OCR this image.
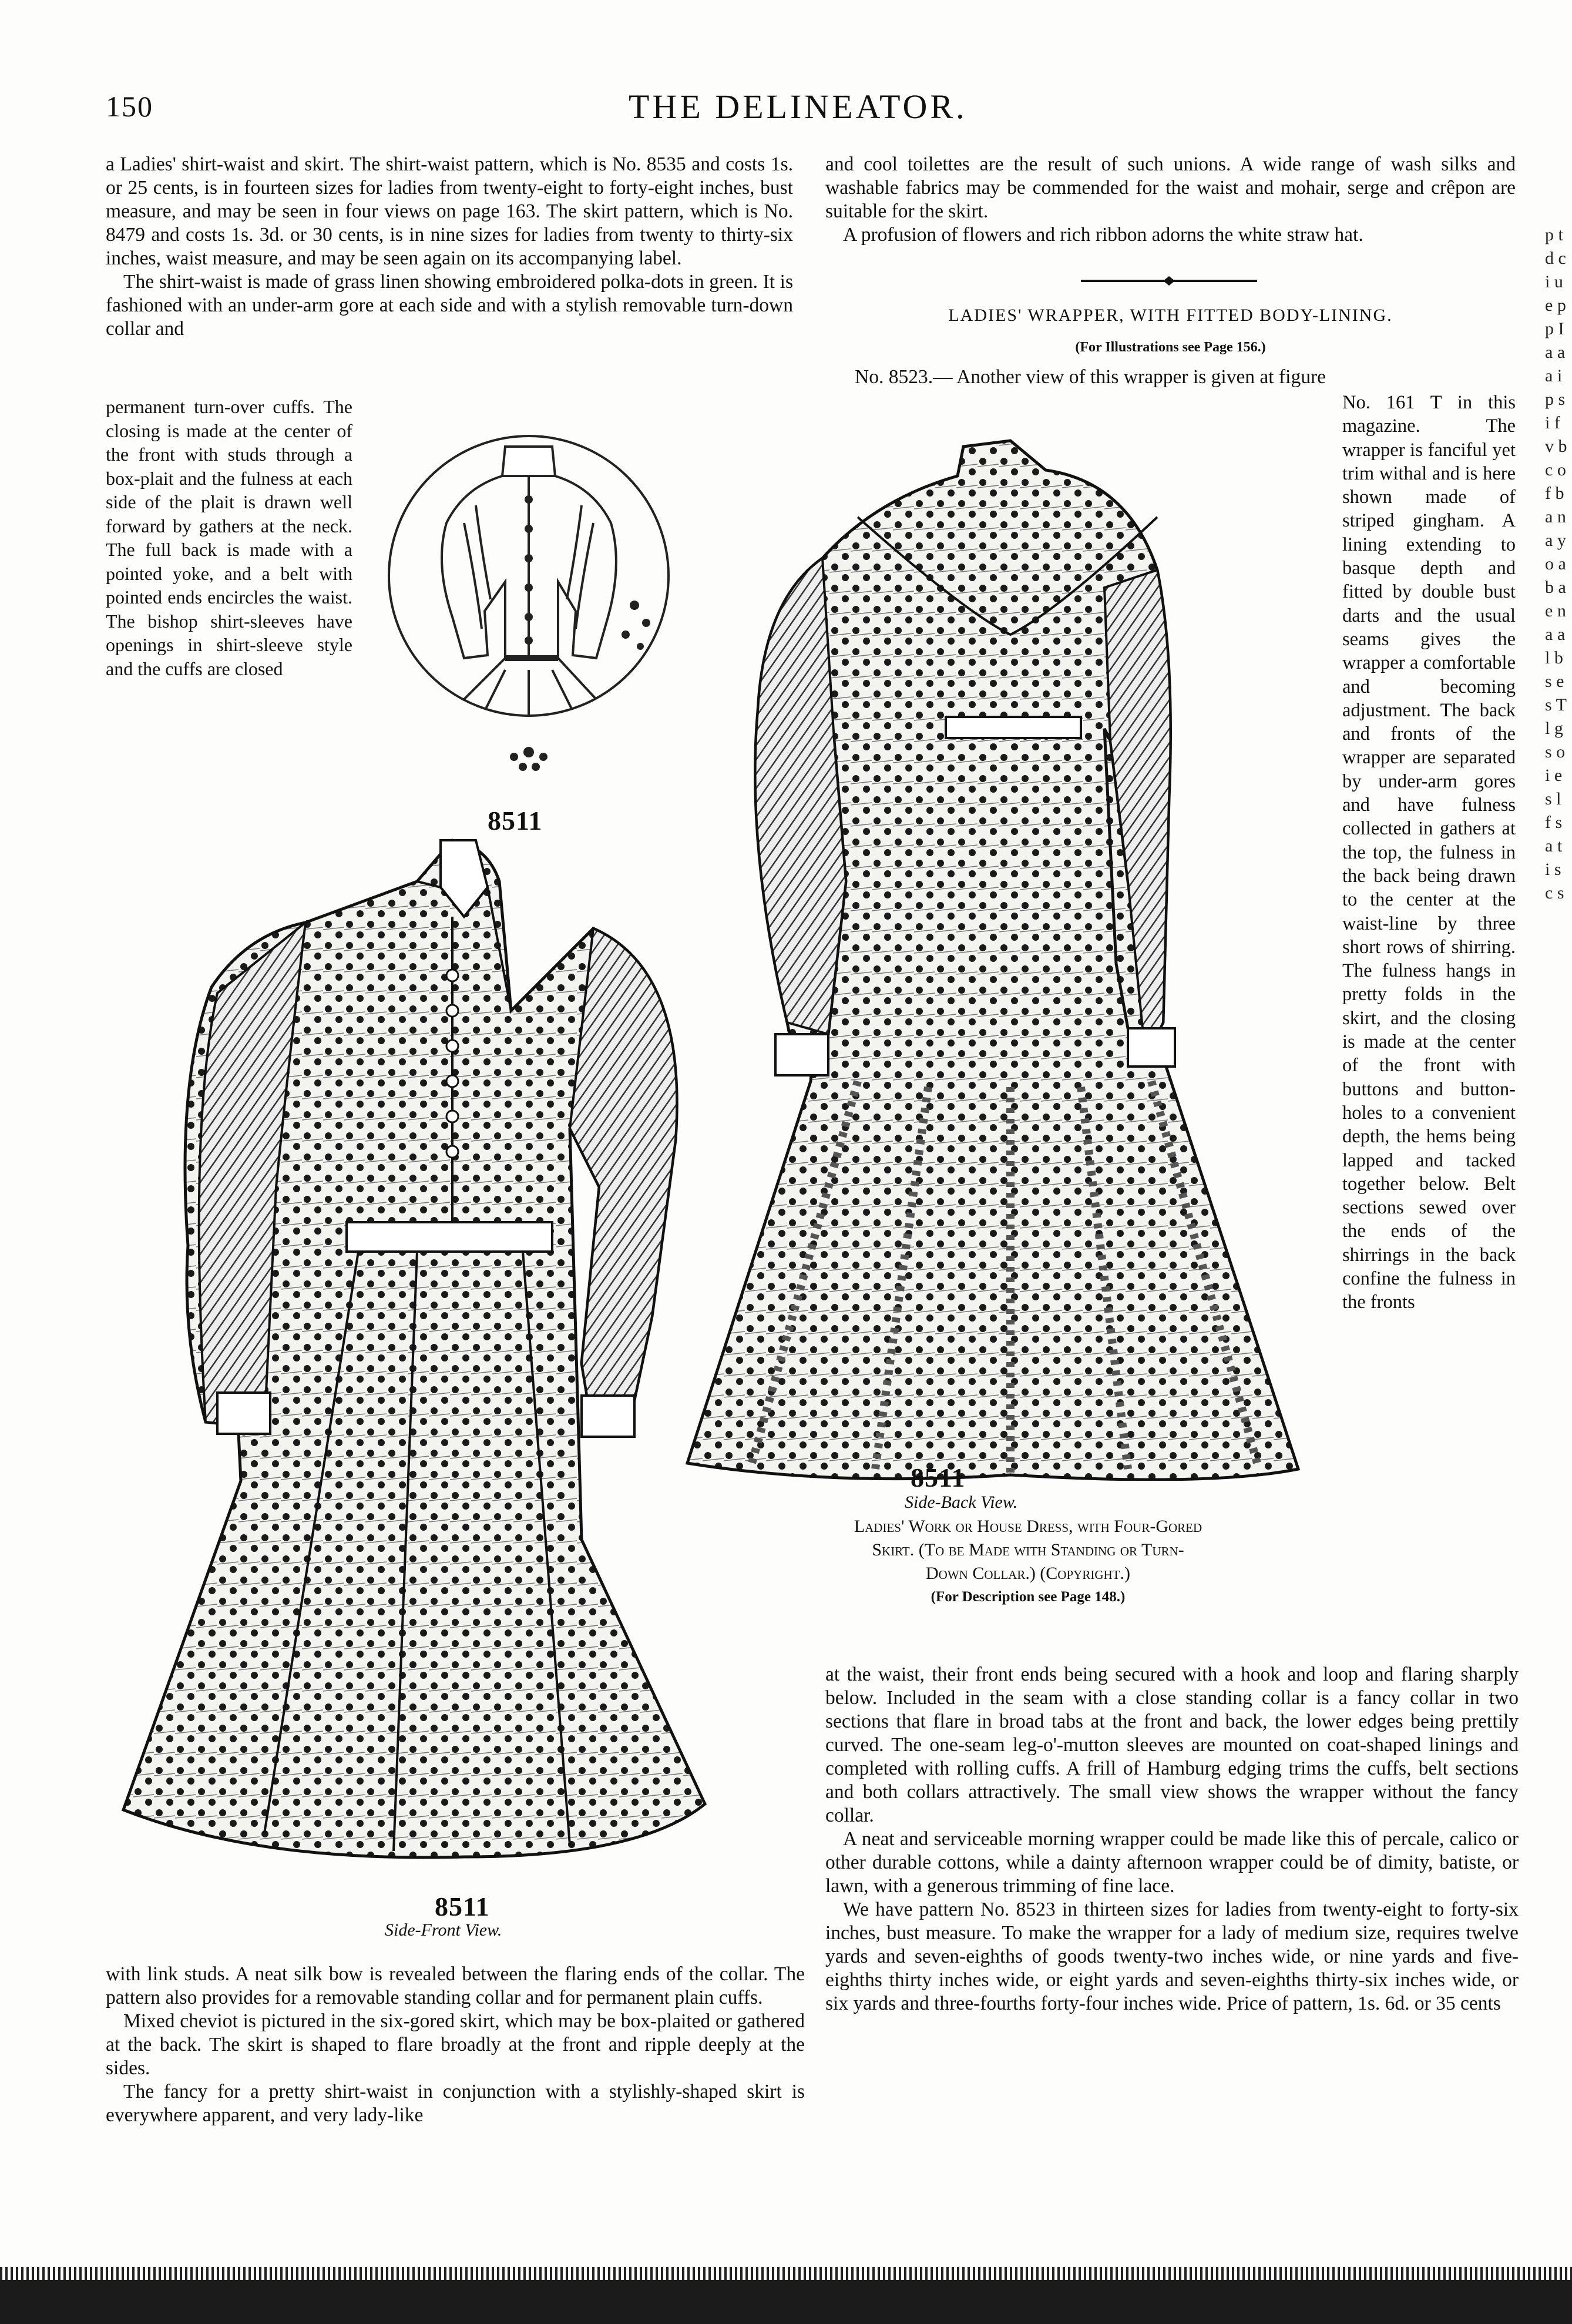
150	THE DELINEATOR.

a Ladies' shirt-waist and skirt. The shirt-waist pattern, which is No. 8535 and costs 1s. or 25 cents, is in fourteen sizes for ladies from twenty-eight to forty-eight inches, bust measure, and may be seen in four views on page 163. The skirt pattern, which is No. 8479 and costs 1s. 3d. or 30 cents, is in nine sizes for ladies from twenty to thirty-six inches, waist measure, and may be seen again on its accompanying label.

The shirt-waist is made of grass linen showing embroidered polka-dots in green. It is fashioned with an under-arm gore at each side and with a stylish removable turn-down collar and

permanent turn-over cuffs. The closing is made at the center of the front with studs through a box-plait and the fulness at each side of the plait is drawn well forward by gathers at the neck. The full back is made with a pointed yoke, and a belt with pointed ends encircles the waist. The bishop shirt-sleeves have openings in shirt-sleeve style and the cuffs are closed

8511
8511
Side-Front View.

with link studs. A neat silk bow is revealed between the flaring ends of the collar. The pattern also provides for a removable standing collar and for permanent plain cuffs.

Mixed cheviot is pictured in the six-gored skirt, which may be box-plaited or gathered at the back. The skirt is shaped to flare broadly at the front and ripple deeply at the sides.

The fancy for a pretty shirt-waist in conjunction with a stylishly-shaped skirt is everywhere apparent, and very lady-like

and cool toilettes are the result of such unions. A wide range of wash silks and washable fabrics may be commended for the waist and mohair, serge and crêpon are suitable for the skirt.

A profusion of flowers and rich ribbon adorns the white straw hat.

LADIES' WRAPPER, WITH FITTED BODY-LINING.
(For Illustrations see Page 156.)
No. 8523.— Another view of this wrapper is given at figure

No. 161 T in this magazine. The wrapper is fanciful yet trim withal and is here shown made of striped gingham. A lining extending to basque depth and fitted by double bust darts and the usual seams gives the wrapper a comfortable and becoming adjustment. The back and fronts of the wrapper are separated by under-arm gores and have fulness collected in gathers at the top, the fulness in the back being drawn to the center at the waist-line by three short rows of shirring. The fulness hangs in pretty folds in the skirt, and the closing is made at the center of the front with buttons and button-holes to a convenient depth, the hems being lapped and tacked together below. Belt sections sewed over the ends of the shirrings in the back confine the fulness in the fronts

8511
Side-Back View.
Ladies' Work or House Dress, with Four-Gored
Skirt. (To be Made with Standing or Turn-
Down Collar.) (Copyright.)
(For Description see Page 148.)

at the waist, their front ends being secured with a hook and loop and flaring sharply below. Included in the seam with a close standing collar is a fancy collar in two sections that flare in broad tabs at the front and back, the lower edges being prettily curved. The one-seam leg-o'-mutton sleeves are mounted on coat-shaped linings and completed with rolling cuffs. A frill of Hamburg edging trims the cuffs, belt sections and both collars attractively. The small view shows the wrapper without the fancy collar.

A neat and serviceable morning wrapper could be made like this of percale, calico or other durable cottons, while a dainty afternoon wrapper could be of dimity, batiste, or lawn, with a generous trimming of fine lace.

We have pattern No. 8523 in thirteen sizes for ladies from twenty-eight to forty-six inches, bust measure. To make the wrapper for a lady of medium size, requires twelve yards and seven-eighths of goods twenty-two inches wide, or nine yards and five-eighths thirty inches wide, or eight yards and seven-eighths thirty-six inches wide, or six yards and three-fourths forty-four inches wide. Price of pattern, 1s. 6d. or 35 cents

p t d c i u e p p I a a a i p s i f v b c o f b a n a y o a b a e n a a l b s e s T l g s o i e s l f s a t i s c s
